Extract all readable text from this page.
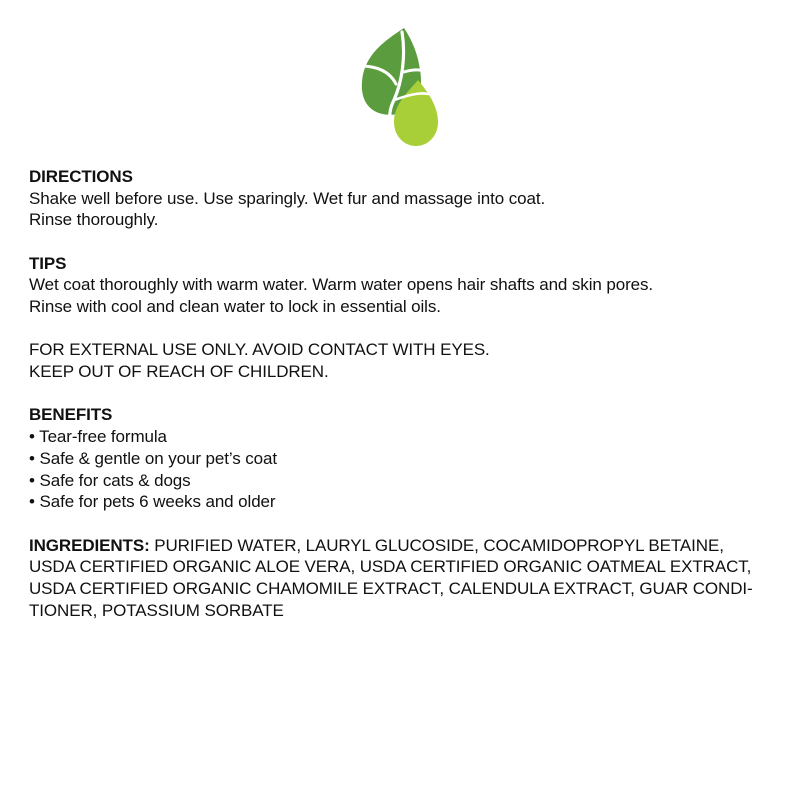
DIRECTIONS

Shake well before use. Use sparingly. Wet fur and massage into coat.

Rinse thoroughly.

TIPS

Wet coat thoroughly with warm water. Warm water opens hair shafts and skin pores.

Rinse with cool and clean water to lock in essential oils.

FOR EXTERNAL USE ONLY. AVOID CONTACT WITH EYES.

KEEP OUT OF REACH OF CHILDREN.

BENEFITS

• Tear-free formula

• Safe & gentle on your pet’s coat

• Safe for cats & dogs

• Safe for pets 6 weeks and older

INGREDIENTS: PURIFIED WATER, LAURYL GLUCOSIDE, COCAMIDOPROPYL BETAINE,

USDA CERTIFIED ORGANIC ALOE VERA, USDA CERTIFIED ORGANIC OATMEAL EXTRACT,

USDA CERTIFIED ORGANIC CHAMOMILE EXTRACT, CALENDULA EXTRACT, GUAR CONDI-

TIONER, POTASSIUM SORBATE
